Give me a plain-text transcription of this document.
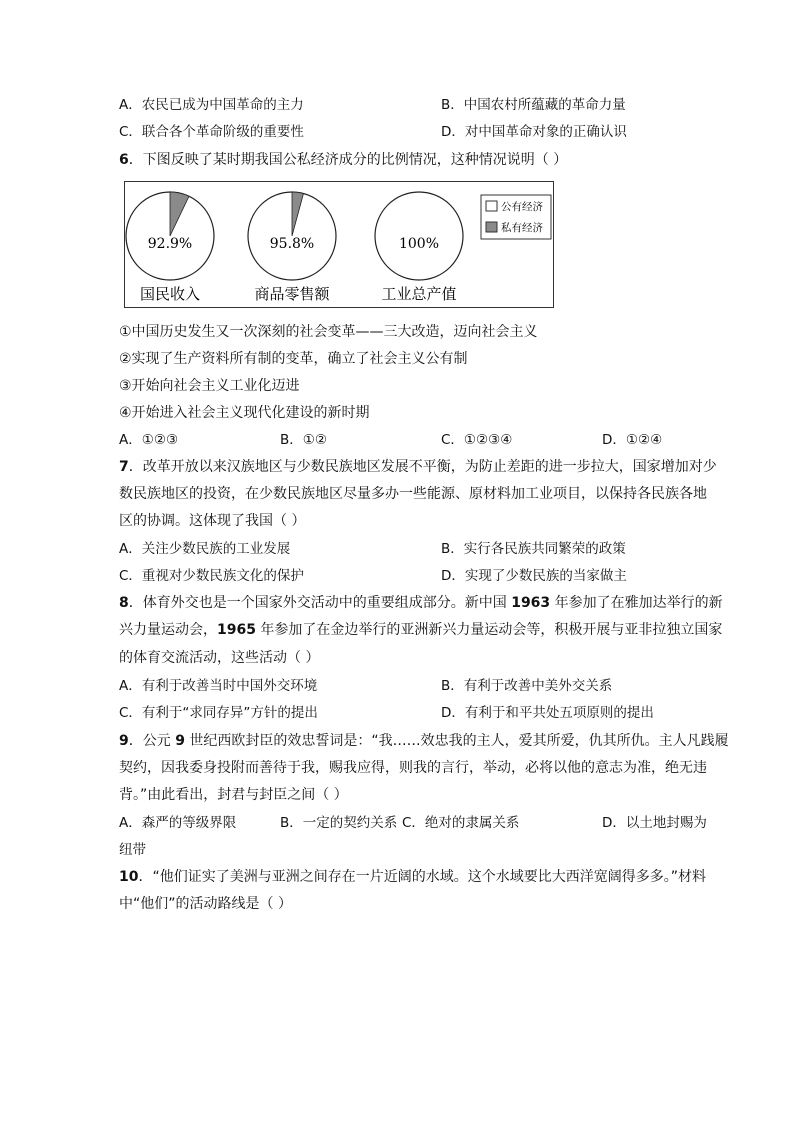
A．农民已成为中国革命的主力	B．中国农村所蕴藏的革命力量
C．联合各个革命阶级的重要性	D．对中国革命对象的正确认识
6．下图反映了某时期我国公私经济成分的比例情况，这种情况说明（ ）
92.9%
国民收入
95.8%
商品零售额
100%
工业总产值
公有经济
私有经济
①中国历史发生又一次深刻的社会变革——三大改造，迈向社会主义
②实现了生产资料所有制的变革，确立了社会主义公有制
③开始向社会主义工业化迈进
④开始进入社会主义现代化建设的新时期
A．①②③	B．①②	C．①②③④	D．①②④
7．改革开放以来汉族地区与少数民族地区发展不平衡，为防止差距的进一步拉大，国家增加对少
数民族地区的投资，在少数民族地区尽量多办一些能源、原材料加工业项目，以保持各民族各地
区的协调。这体现了我国（ ）
A．关注少数民族的工业发展	B．实行各民族共同繁荣的政策
C．重视对少数民族文化的保护	D．实现了少数民族的当家做主
8．体育外交也是一个国家外交活动中的重要组成部分。新中国 1963 年参加了在雅加达举行的新
兴力量运动会，1965 年参加了在金边举行的亚洲新兴力量运动会等，积极开展与亚非拉独立国家
的体育交流活动，这些活动（ ）
A．有利于改善当时中国外交环境	B．有利于改善中美外交关系
C．有利于“求同存异”方针的提出	D．有利于和平共处五项原则的提出
9．公元 9 世纪西欧封臣的效忠誓词是：“我……效忠我的主人，爱其所爱，仇其所仇。主人凡践履
契约，因我委身投附而善待于我，赐我应得，则我的言行，举动，必将以他的意志为准，绝无违
背。”由此看出，封君与封臣之间（ ）
A．森严的等级界限	B．一定的契约关系 C．绝对的隶属关系	D．以土地封赐为
纽带
10．“他们证实了美洲与亚洲之间存在一片近阔的水域。这个水域要比大西洋宽阔得多多。”材料
中“他们”的活动路线是（ ）
